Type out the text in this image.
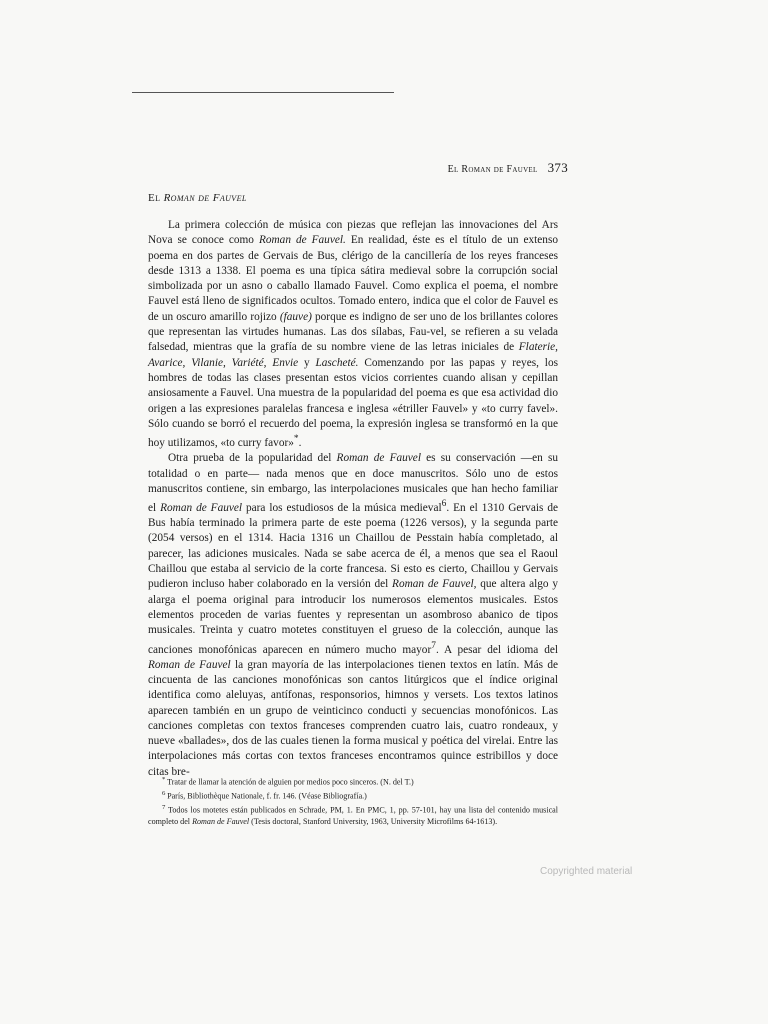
El Roman de Fauvel 373
El Roman de Fauvel

La primera colección de música con piezas que reflejan las innovaciones del Ars Nova se conoce como Roman de Fauvel. En realidad, éste es el título de un extenso poema en dos partes de Gervais de Bus, clérigo de la cancillería de los reyes franceses desde 1313 a 1338. El poema es una típica sátira medieval sobre la corrupción social simbolizada por un asno o caballo llamado Fauvel. Como explica el poema, el nombre Fauvel está lleno de significados ocultos. Tomado entero, indica que el color de Fauvel es de un oscuro amarillo rojizo (fauve) porque es indigno de ser uno de los brillantes colores que representan las virtudes humanas. Las dos sílabas, Fau-vel, se refieren a su velada falsedad, mientras que la grafía de su nombre viene de las letras iniciales de Flaterie, Avarice, Vilanie, Variété, Envie y Lascheté. Comenzando por las papas y reyes, los hombres de todas las clases presentan estos vicios corrientes cuando alisan y cepillan ansiosamente a Fauvel. Una muestra de la popularidad del poema es que esa actividad dio origen a las expresiones paralelas francesa e inglesa «étriller Fauvel» y «to curry favel». Sólo cuando se borró el recuerdo del poema, la expresión inglesa se transformó en la que hoy utilizamos, «to curry favor»*.

Otra prueba de la popularidad del Roman de Fauvel es su conservación —en su totalidad o en parte— nada menos que en doce manuscritos. Sólo uno de estos manuscritos contiene, sin embargo, las interpolaciones musicales que han hecho familiar el Roman de Fauvel para los estudiosos de la música medieval$^6$. En el 1310 Gervais de Bus había terminado la primera parte de este poema (1226 versos), y la segunda parte (2054 versos) en el 1314. Hacia 1316 un Chaillou de Pesstain había completado, al parecer, las adiciones musicales. Nada se sabe acerca de él, a menos que sea el Raoul Chaillou que estaba al servicio de la corte francesa. Si esto es cierto, Chaillou y Gervais pudieron incluso haber colaborado en la versión del Roman de Fauvel, que altera algo y alarga el poema original para introducir los numerosos elementos musicales. Estos elementos proceden de varias fuentes y representan un asombroso abanico de tipos musicales. Treinta y cuatro motetes constituyen el grueso de la colección, aunque las canciones monofónicas aparecen en número mucho mayor$^7$. A pesar del idioma del Roman de Fauvel la gran mayoría de las interpolaciones tienen textos en latín. Más de cincuenta de las canciones monofónicas son cantos litúrgicos que el índice original identifica como aleluyas, antífonas, responsorios, himnos y versets. Los textos latinos aparecen también en un grupo de veinticinco conducti y secuencias monofónicos. Las canciones completas con textos franceses comprenden cuatro lais, cuatro rondeaux, y nueve «ballades», dos de las cuales tienen la forma musical y poética del virelai. Entre las interpolaciones más cortas con textos franceses encontramos quince estribillos y doce citas bre-

* Tratar de llamar la atención de alguien por medios poco sinceros. (N. del T.)

$^6$ París, Bibliothèque Nationale, f. fr. 146. (Véase Bibliografía.)

$^7$ Todos los motetes están publicados en Schrade, PM, 1. En PMC, 1, pp. 57-101, hay una lista del contenido musical completo del Roman de Fauvel (Tesis doctoral, Stanford University, 1963, University Microfilms 64-1613).

Copyrighted material
